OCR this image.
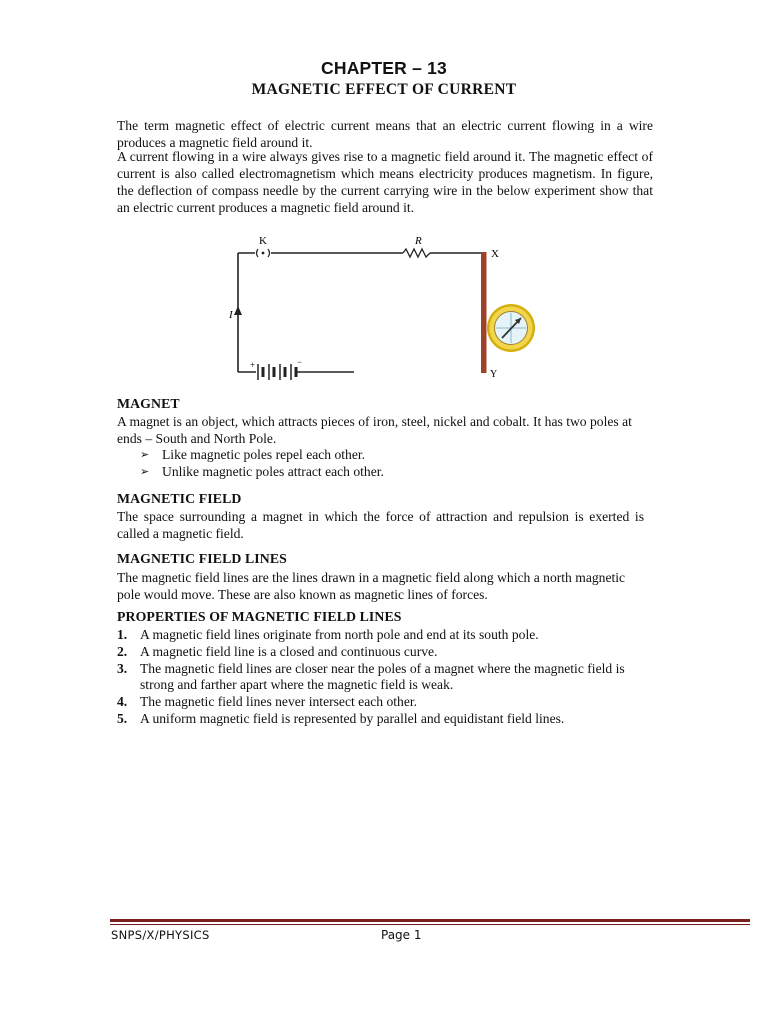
CHAPTER – 13
MAGNETIC EFFECT OF CURRENT

The term magnetic effect of electric current means that an electric current flowing in a wire produces a magnetic field around it.

A current flowing in a wire always gives rise to a magnetic field around it. The magnetic effect of current is also called electromagnetism which means electricity produces magnetism. In figure, the deflection of compass needle by the current carrying wire in the below experiment show that an electric current produces a magnetic field around it.

K	R
X
Y
I
+	−
MAGNET

A magnet is an object, which attracts pieces of iron, steel, nickel and cobalt. It has two poles at ends – South and North Pole.

➢ Like magnetic poles repel each other.
➢ Unlike magnetic poles attract each other.
MAGNETIC FIELD

The space surrounding a magnet in which the force of attraction and repulsion is exerted is called a magnetic field.

MAGNETIC FIELD LINES

The magnetic field lines are the lines drawn in a magnetic field along which a north magnetic pole would move. These are also known as magnetic lines of forces.

PROPERTIES OF MAGNETIC FIELD LINES
1. A magnetic field lines originate from north pole and end at its south pole.
2. A magnetic field line is a closed and continuous curve.
3. The magnetic field lines are closer near the poles of a magnet where the magnetic field is strong and farther apart where the magnetic field is weak.
4. The magnetic field lines never intersect each other.
5. A uniform magnetic field is represented by parallel and equidistant field lines.
SNPS/X/PHYSICS	Page 1
